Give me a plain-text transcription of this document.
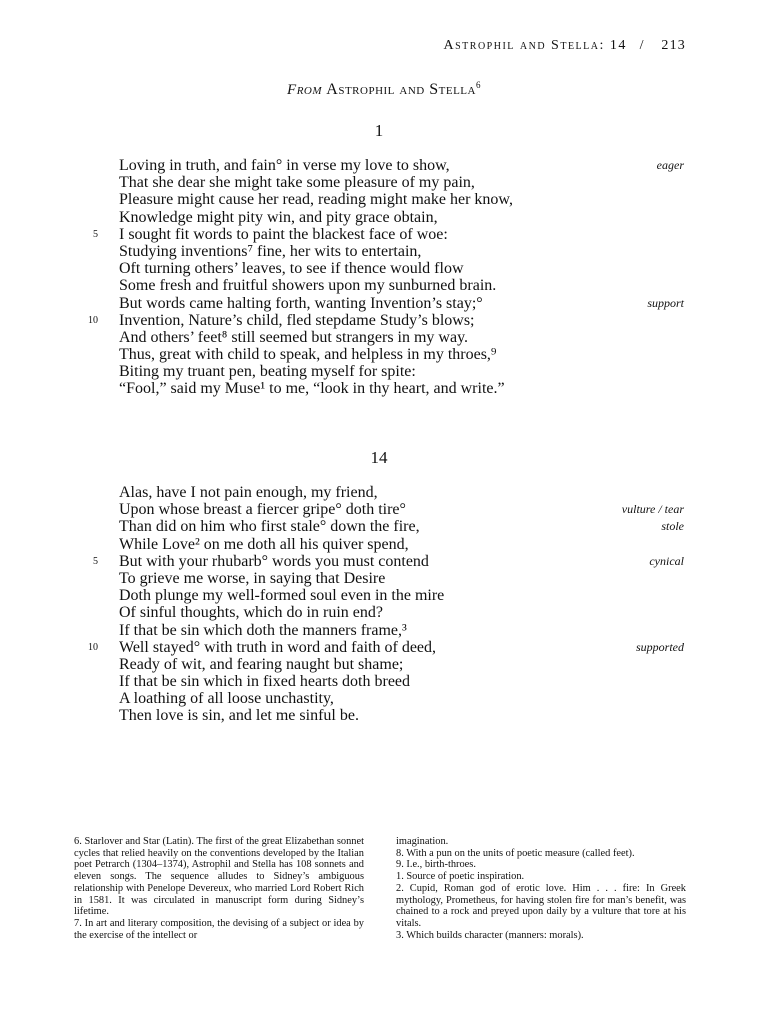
Astrophil and Stella: 14 / 213
From Astrophil and Stella$^6$
1
Loving in truth, and fain° in verse my love to show,	eager
That she dear she might take some pleasure of my pain,
Pleasure might cause her read, reading might make her know,
Knowledge might pity win, and pity grace obtain,
5 I sought fit words to paint the blackest face of woe:
Studying inventions⁷ fine, her wits to entertain,
Oft turning others’ leaves, to see if thence would flow
Some fresh and fruitful showers upon my sunburned brain.
But words came halting forth, wanting Invention’s stay;°	support
10 Invention, Nature’s child, fled stepdame Study’s blows;
And others’ feet⁸ still seemed but strangers in my way.
Thus, great with child to speak, and helpless in my throes,⁹
Biting my truant pen, beating myself for spite:
“Fool,” said my Muse¹ to me, “look in thy heart, and write.”
14
Alas, have I not pain enough, my friend,
Upon whose breast a fiercer gripe° doth tire°	vulture / tear
Than did on him who first stale° down the fire,	stole
While Love² on me doth all his quiver spend,
5 But with your rhubarb° words you must contend	cynical
To grieve me worse, in saying that Desire
Doth plunge my well-formed soul even in the mire
Of sinful thoughts, which do in ruin end?
If that be sin which doth the manners frame,³
10 Well stayed° with truth in word and faith of deed,	supported
Ready of wit, and fearing naught but shame;
If that be sin which in fixed hearts doth breed
A loathing of all loose unchastity,
Then love is sin, and let me sinful be.

6. Starlover and Star (Latin). The first of the great Elizabethan sonnet cycles that relied heavily on the conventions developed by the Italian poet Petrarch (1304–1374), Astrophil and Stella has 108 sonnets and eleven songs. The sequence alludes to Sidney’s ambiguous relationship with Penelope Devereux, who married Lord Robert Rich in 1581. It was circulated in manuscript form during Sidney’s lifetime.

7. In art and literary composition, the devising of a subject or idea by the exercise of the intellect or

imagination.

8. With a pun on the units of poetic measure (called feet).

9. I.e., birth-throes.

1. Source of poetic inspiration.

2. Cupid, Roman god of erotic love. Him . . . fire: In Greek mythology, Prometheus, for having stolen fire for man’s benefit, was chained to a rock and preyed upon daily by a vulture that tore at his vitals.

3. Which builds character (manners: morals).
